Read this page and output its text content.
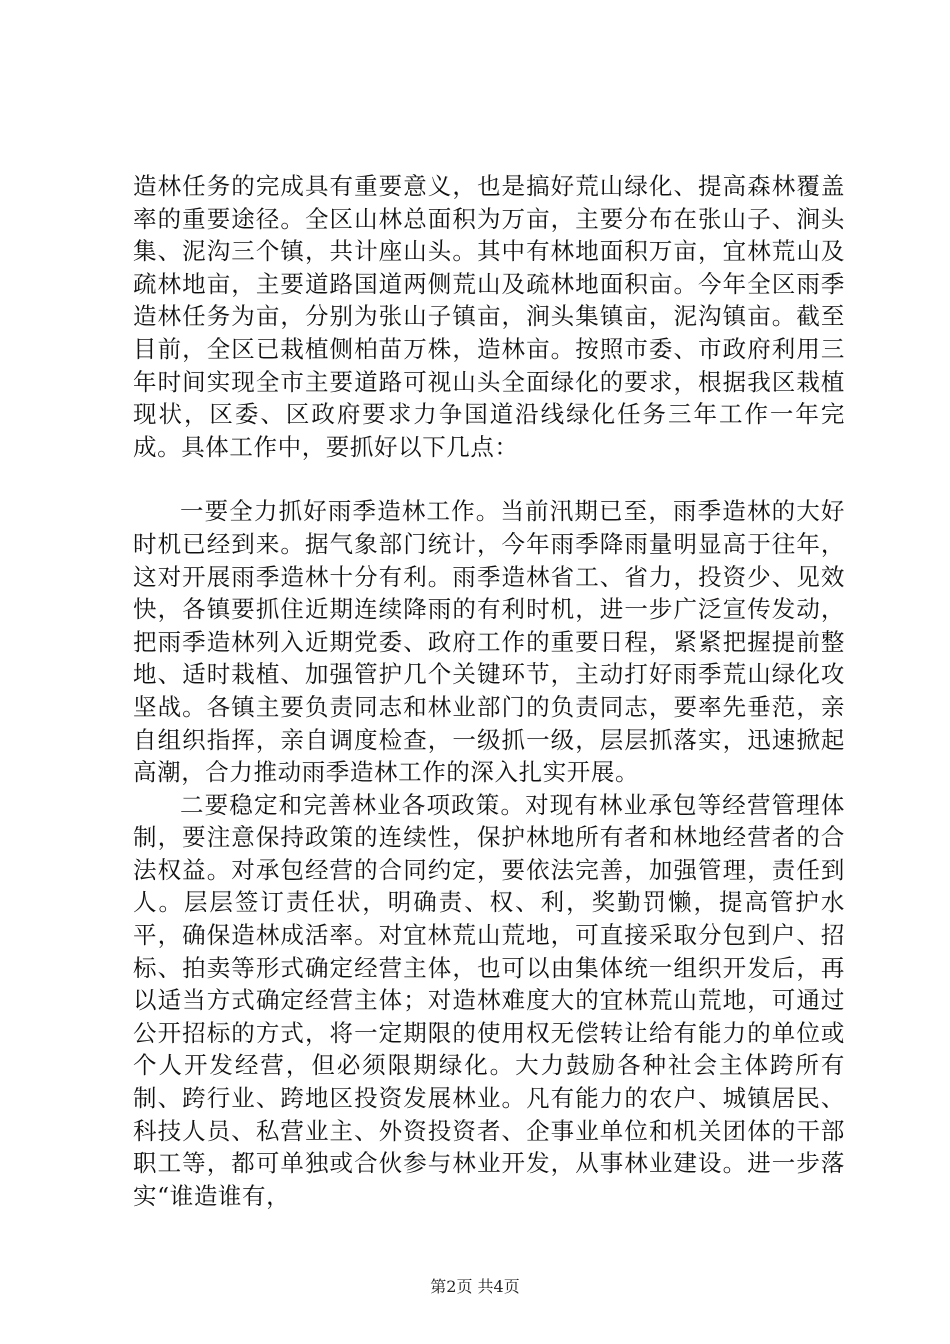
造林任务的完成具有重要意义，也是搞好荒山绿化、提高森林覆盖率的重要途径。全区山林总面积为万亩，主要分布在张山子、涧头集、泥沟三个镇，共计座山头。其中有林地面积万亩，宜林荒山及疏林地亩，主要道路国道两侧荒山及疏林地面积亩。今年全区雨季造林任务为亩，分别为张山子镇亩，涧头集镇亩，泥沟镇亩。截至目前，全区已栽植侧柏苗万株，造林亩。按照市委、市政府利用三年时间实现全市主要道路可视山头全面绿化的要求，根据我区栽植现状，区委、区政府要求力争国道沿线绿化任务三年工作一年完成。具体工作中，要抓好以下几点：

一要全力抓好雨季造林工作。当前汛期已至，雨季造林的大好时机已经到来。据气象部门统计，今年雨季降雨量明显高于往年，这对开展雨季造林十分有利。雨季造林省工、省力，投资少、见效快，各镇要抓住近期连续降雨的有利时机，进一步广泛宣传发动，把雨季造林列入近期党委、政府工作的重要日程，紧紧把握提前整地、适时栽植、加强管护几个关键环节，主动打好雨季荒山绿化攻坚战。各镇主要负责同志和林业部门的负责同志，要率先垂范，亲自组织指挥，亲自调度检查，一级抓一级，层层抓落实，迅速掀起高潮，合力推动雨季造林工作的深入扎实开展。

二要稳定和完善林业各项政策。对现有林业承包等经营管理体制，要注意保持政策的连续性，保护林地所有者和林地经营者的合法权益。对承包经营的合同约定，要依法完善，加强管理，责任到人。层层签订责任状，明确责、权、利，奖勤罚懒，提高管护水平，确保造林成活率。对宜林荒山荒地，可直接采取分包到户、招标、拍卖等形式确定经营主体，也可以由集体统一组织开发后，再以适当方式确定经营主体；对造林难度大的宜林荒山荒地，可通过公开招标的方式，将一定期限的使用权无偿转让给有能力的单位或个人开发经营，但必须限期绿化。大力鼓励各种社会主体跨所有制、跨行业、跨地区投资发展林业。凡有能力的农户、城镇居民、科技人员、私营业主、外资投资者、企事业单位和机关团体的干部职工等，都可单独或合伙参与林业开发，从事林业建设。进一步落实“谁造谁有，

第2页 共4页
